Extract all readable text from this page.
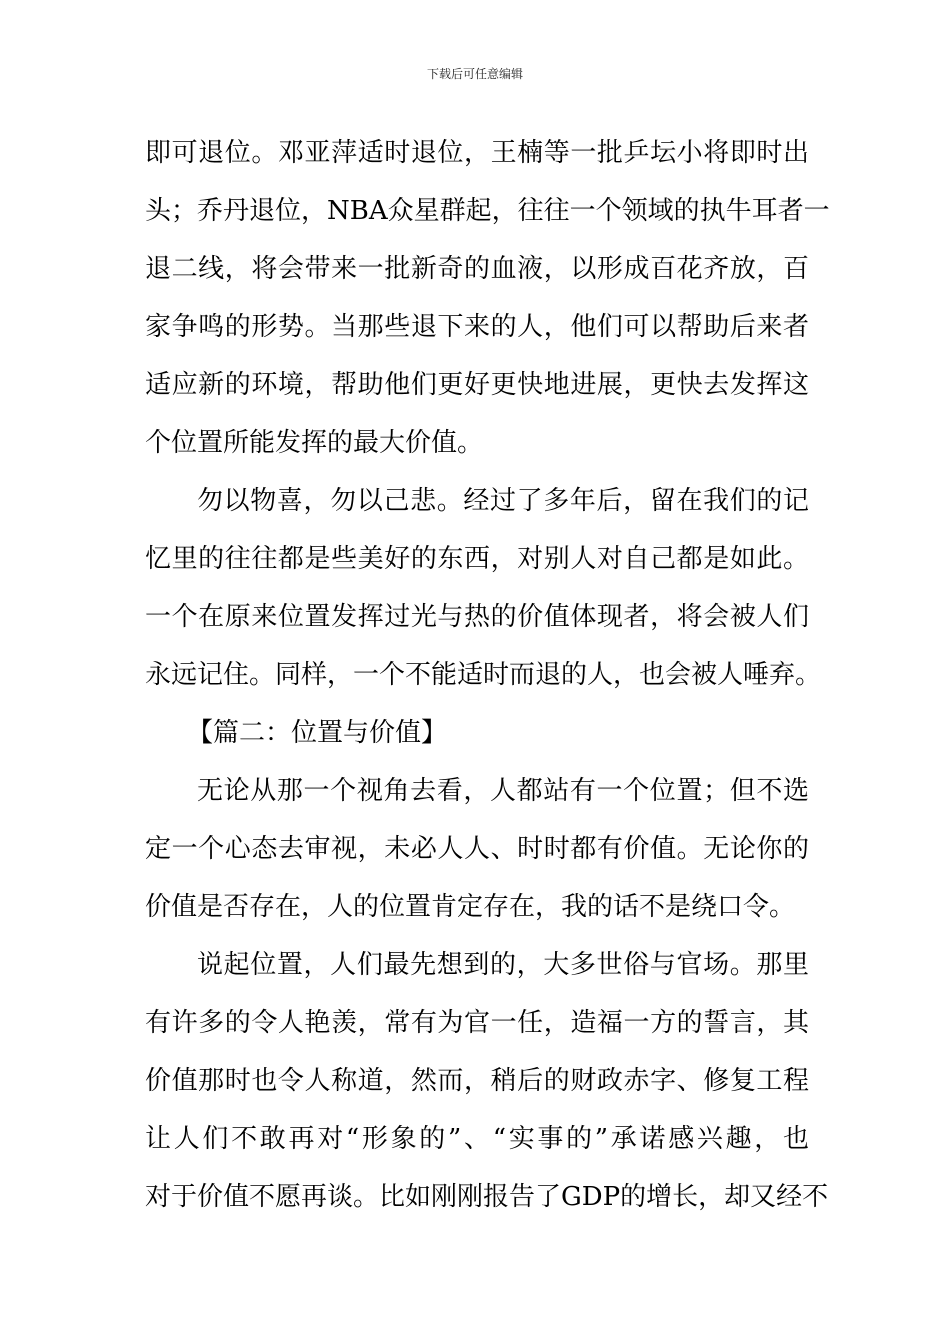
下载后可任意编辑
即可退位。邓亚萍适时退位，王楠等一批乒坛小将即时出
头；乔丹退位，NBA众星群起，往往一个领域的执牛耳者一
退二线，将会带来一批新奇的血液，以形成百花齐放，百
家争鸣的形势。当那些退下来的人，他们可以帮助后来者
适应新的环境，帮助他们更好更快地进展，更快去发挥这
个位置所能发挥的最大价值。
勿以物喜，勿以己悲。经过了多年后，留在我们的记
忆里的往往都是些美好的东西，对别人对自己都是如此。
一个在原来位置发挥过光与热的价值体现者，将会被人们
永远记住。同样，一个不能适时而退的人，也会被人唾弃。
【篇二：位置与价值】
无论从那一个视角去看，人都站有一个位置；但不选
定一个心态去审视，未必人人、时时都有价值。无论你的
价值是否存在，人的位置肯定存在，我的话不是绕口令。
说起位置，人们最先想到的，大多世俗与官场。那里
有许多的令人艳羡，常有为官一任，造福一方的誓言，其
价值那时也令人称道，然而，稍后的财政赤字、修复工程
让人们不敢再对“形象的”、“实事的”承诺感兴趣，也
对于价值不愿再谈。比如刚刚报告了GDP的增长，却又经不
